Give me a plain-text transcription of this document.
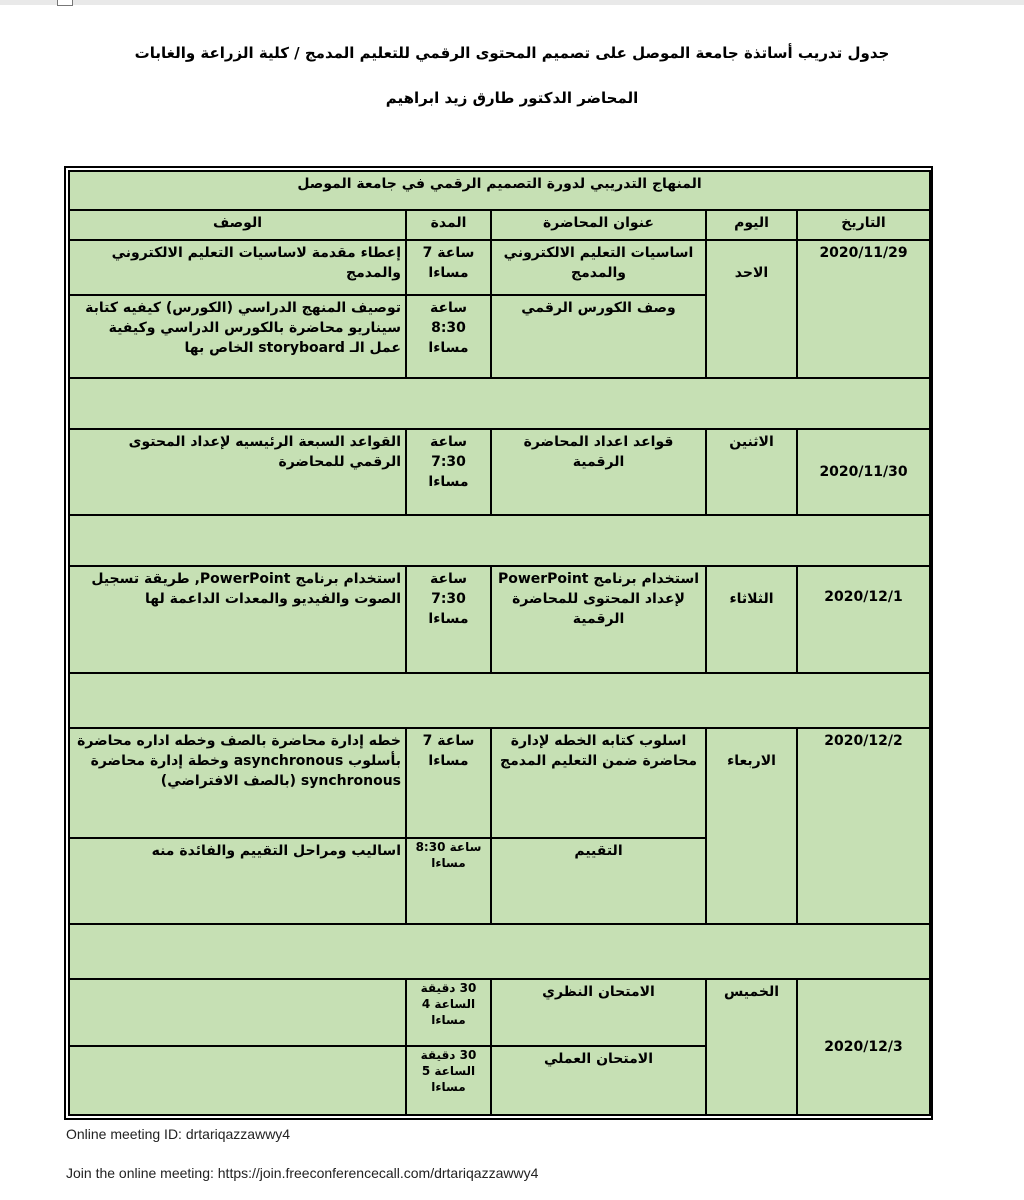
جدول تدريب أساتذة جامعة الموصل على تصميم المحتوى الرقمي للتعليم المدمج / كلية الزراعة والغابات
المحاضر الدكتور طارق زيد ابراهيم
المنهاج التدريبي لدورة التصميم الرقمي في جامعة الموصل				
الوصف	المدة	عنوان المحاضرة	اليوم	التاريخ
إعطاء مقدمة لاساسيات التعليم الالكتروني والمدمج	ساعة 7 مساءا	اساسيات التعليم الالكتروني والمدمج	الاحد	2020/11/29
توصيف المنهج الدراسي (الكورس) كيفيه كتابة سيناريو محاضرة بالكورس الدراسي وكيفية عمل الـ storyboard الخاص بها	ساعة 8:30 مساءا	وصف الكورس الرقمي		

القواعد السبعة الرئيسيه لإعداد المحتوى الرقمي للمحاضرة	ساعة 7:30 مساءا	قواعد اعداد المحاضرة الرقمية	الاثنين	2020/11/30

استخدام برنامج PowerPoint, طريقة تسجيل الصوت والفيديو والمعدات الداعمة لها	ساعة 7:30 مساءا	استخدام برنامج PowerPoint لإعداد المحتوى للمحاضرة الرقمية	الثلاثاء	2020/12/1

خطه إدارة محاضرة بالصف وخطه اداره محاضرة بأسلوب asynchronous وخطة إدارة محاضرة synchronous (بالصف الافتراضي)	ساعة 7 مساءا	اسلوب كتابه الخطه لإدارة محاضرة ضمن التعليم المدمج	الاربعاء	2020/12/2
اساليب ومراحل التقييم والفائدة منه	ساعة 8:30 مساءا	التقييم		

	30 دقيقة الساعة 4 مساءا	الامتحان النظري	الخميس	2020/12/3
	30 دقيقة الساعة 5 مساءا	الامتحان العملي		
Online meeting ID: drtariqazzawwy4
Join the online meeting: https://join.freeconferencecall.com/drtariqazzawwy4
